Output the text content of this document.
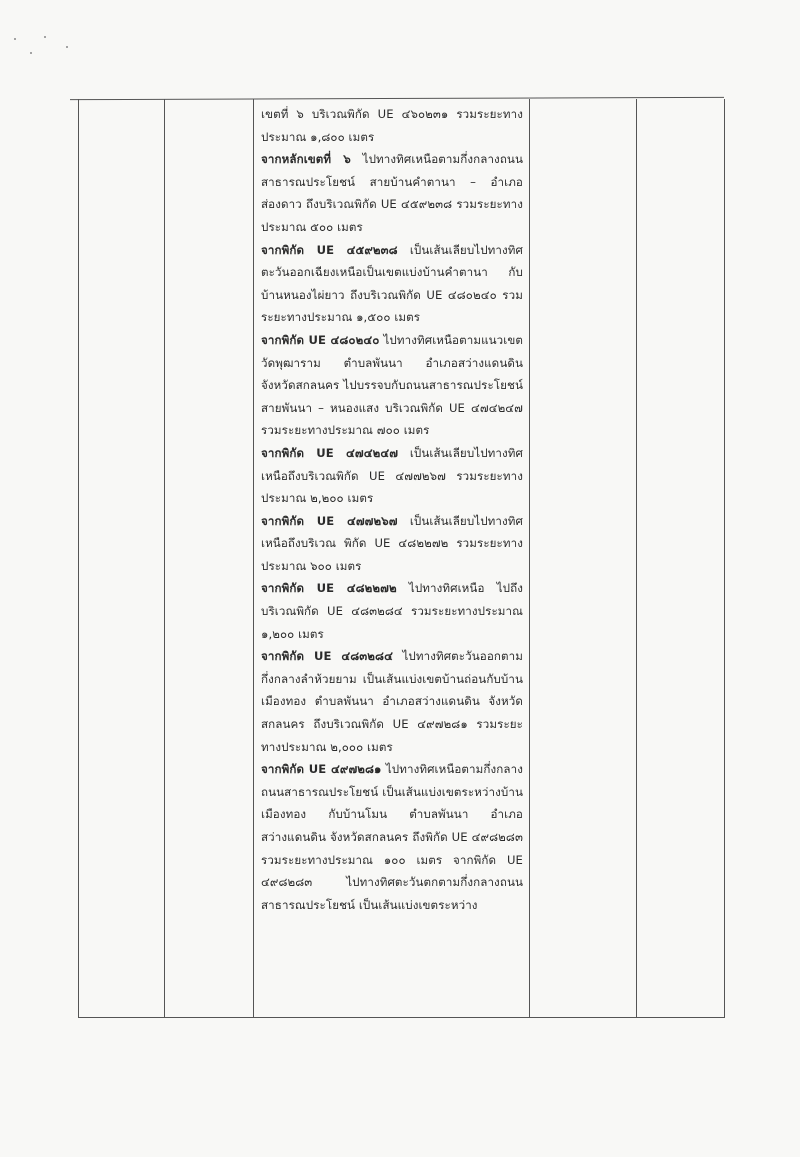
เขตที่ ๖ บริเวณพิกัด UE ๔๖๐๒๓๑ รวมระยะทางประมาณ ๑,๘๐๐ เมตร

จากหลักเขตที่ ๖ ไปทางทิศเหนือตามกึ่งกลางถนนสาธารณประโยชน์ สายบ้านคำตานา – อำเภอส่องดาว ถึงบริเวณพิกัด UE ๔๕๙๒๓๘ รวมระยะทางประมาณ ๕๐๐ เมตร

จากพิกัด UE ๔๕๙๒๓๘ เป็นเส้นเลียบไปทางทิศตะวันออกเฉียงเหนือเป็นเขตแบ่งบ้านคำตานา กับบ้านหนองไผ่ยาว ถึงบริเวณพิกัด UE ๔๘๐๒๔๐ รวมระยะทางประมาณ ๑,๕๐๐ เมตร

จากพิกัด UE ๔๘๐๒๔๐ ไปทางทิศเหนือตามแนวเขตวัดพุฒาราม ตำบลพันนา อำเภอสว่างแดนดิน จังหวัดสกลนคร ไปบรรจบกับถนนสาธารณประโยชน์สายพันนา – หนองแสง บริเวณพิกัด UE ๔๗๔๒๔๗ รวมระยะทางประมาณ ๗๐๐ เมตร

จากพิกัด UE ๔๗๔๒๔๗ เป็นเส้นเลียบไปทางทิศเหนือถึงบริเวณพิกัด UE ๔๗๗๒๖๗ รวมระยะทางประมาณ ๒,๒๐๐ เมตร

จากพิกัด UE ๔๗๗๒๖๗ เป็นเส้นเลียบไปทางทิศเหนือถึงบริเวณ พิกัด UE ๔๘๒๒๗๒ รวมระยะทางประมาณ ๖๐๐ เมตร

จากพิกัด UE ๔๘๒๒๗๒ ไปทางทิศเหนือ ไปถึงบริเวณพิกัด UE ๔๘๓๒๘๔ รวมระยะทางประมาณ ๑,๒๐๐ เมตร

จากพิกัด UE ๔๘๓๒๘๔ ไปทางทิศตะวันออกตามกึ่งกลางลำห้วยยาม เป็นเส้นแบ่งเขตบ้านถ่อนกับบ้านเมืองทอง ตำบลพันนา อำเภอสว่างแดนดิน จังหวัดสกลนคร ถึงบริเวณพิกัด UE ๔๙๗๒๘๑ รวมระยะทางประมาณ ๒,๐๐๐ เมตร

จากพิกัด UE ๔๙๗๒๘๑ ไปทางทิศเหนือตามกึ่งกลางถนนสาธารณประโยชน์ เป็นเส้นแบ่งเขตระหว่างบ้านเมืองทอง กับบ้านโมน ตำบลพันนา อำเภอสว่างแดนดิน จังหวัดสกลนคร ถึงพิกัด UE ๔๙๘๒๘๓ รวมระยะทางประมาณ ๑๐๐ เมตร จากพิกัด UE ๔๙๘๒๘๓ ไปทางทิศตะวันตกตามกึ่งกลางถนนสาธารณประโยชน์ เป็นเส้นแบ่งเขตระหว่าง
